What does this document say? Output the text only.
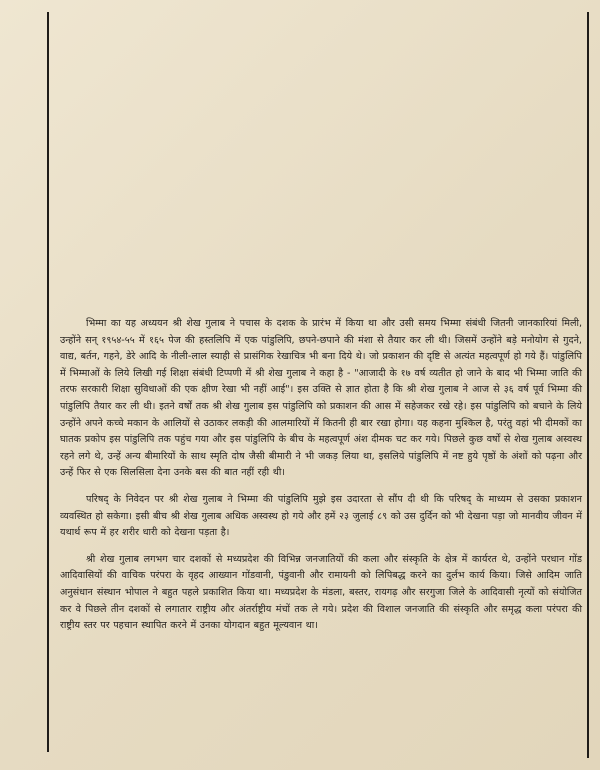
भिम्मा का यह अध्ययन श्री शेख गुलाब ने पचास के दशक के प्रारंभ में किया था और उसी समय भिम्मा संबंधी जितनी जानकारियां मिली, उन्होंने सन् १९५४-५५ में १६५ पेज की हस्तलिपि में एक पांडुलिपि, छपने-छपाने की मंशा से तैयार कर ली थी। जिसमें उन्होंने बड़े मनोयोग से गुदने, वाद्य, बर्तन, गहने, डेरे आदि के नीली-लाल स्याही से प्रासंगिक रेखाचित्र भी बना दिये थे। जो प्रकाशन की दृष्टि से अत्यंत महत्वपूर्ण हो गये हैं। पांडुलिपि में भिम्माओं के लिये लिखी गई शिक्षा संबंधी टिप्पणी में श्री शेख गुलाब ने कहा है - "आजादी के १७ वर्ष व्यतीत हो जाने के बाद भी भिम्मा जाति की तरफ सरकारी शिक्षा सुविधाओं की एक क्षीण रेखा भी नहीं आई"। इस उक्ति से ज्ञात होता है कि श्री शेख गुलाब ने आज से ३६ वर्ष पूर्व भिम्मा की पांडुलिपि तैयार कर ली थी। इतने वर्षों तक श्री शेख गुलाब इस पांडुलिपि को प्रकाशन की आस में सहेजकर रखे रहे। इस पांडुलिपि को बचाने के लिये उन्होंने अपने कच्चे मकान के आलियों से उठाकर लकड़ी की आलमारियों में कितनी ही बार रखा होगा। यह कहना मुश्किल है, परंतु वहां भी दीमकों का घातक प्रकोप इस पांडुलिपि तक पहुंच गया और इस पांडुलिपि के बीच के महत्वपूर्ण अंश दीमक चट कर गये। पिछले कुछ वर्षों से शेख गुलाब अस्वस्थ रहने लगे थे, उन्हें अन्य बीमारियों के साथ स्मृति दोष जैसी बीमारी ने भी जकड़ लिया था, इसलिये पांडुलिपि में नष्ट हुये पृष्ठों के अंशों को पढ़ना और उन्हें फिर से एक सिलसिला देना उनके बस की बात नहीं रही थी।

परिषद् के निवेदन पर श्री शेख गुलाब ने भिम्मा की पांडुलिपि मुझे इस उदारता से सौंप दी थी कि परिषद् के माध्यम से उसका प्रकाशन व्यवस्थित हो सकेगा। इसी बीच श्री शेख गुलाब अधिक अस्वस्थ हो गये और हमें २३ जुलाई ८९ को उस दुर्दिन को भी देखना पड़ा जो मानवीय जीवन में यथार्थ रूप में हर शरीर धारी को देखना पड़ता है।

श्री शेख गुलाब लगभग चार दशकों से मध्यप्रदेश की विभिन्न जनजातियों की कला और संस्कृति के क्षेत्र में कार्यरत थे, उन्होंने परधान गोंड आदिवासियों की वाचिक परंपरा के वृहद आख्यान गोंडवानी, पंडुवानी और रामायनी को लिपिबद्ध करने का दुर्लभ कार्य किया। जिसे आदिम जाति अनुसंधान संस्थान भोपाल ने बहुत पहले प्रकाशित किया था। मध्यप्रदेश के मंडला, बस्तर, रायगढ़ और सरगुजा जिले के आदिवासी नृत्यों को संयोजित कर वे पिछले तीन दशकों से लगातार राष्ट्रीय और अंतर्राष्ट्रीय मंचों तक ले गये। प्रदेश की विशाल जनजाति की संस्कृति और समृद्ध कला परंपरा की राष्ट्रीय स्तर पर पहचान स्थापित करने में उनका योगदान बहुत मूल्यवान था।
